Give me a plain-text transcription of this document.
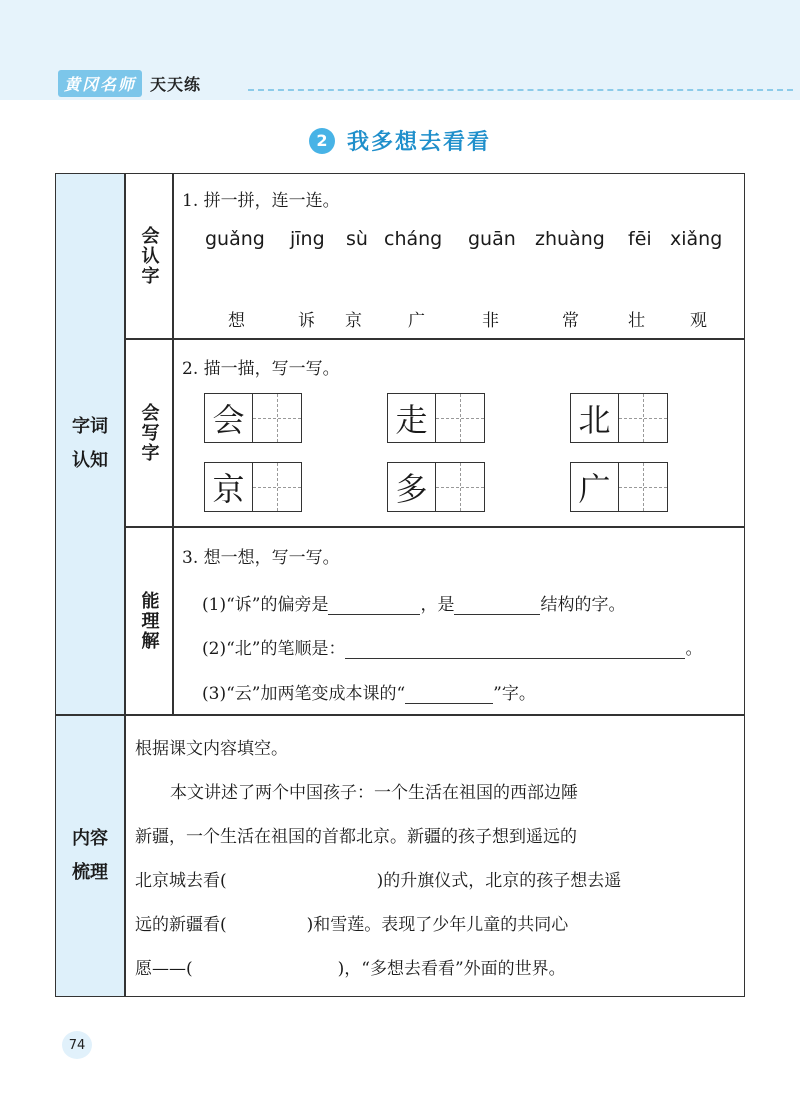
黄冈名师 天天练
2 我多想去看看
字词
认知
内容
梳理
会认字
会写字
能理解
1. 拼一拼，连一连。
guǎng jīng sù cháng guān zhuàng fēi xiǎng
想	诉 京	广	非	常	壮	观
2. 描一描，写一写。
会	走	北
京	多	广
3. 想一想，写一写。
(1)“诉”的偏旁是	，是	结构的字。
(2)“北”的笔顺是：	。
(3)“云”加两笔变成本课的“	”字。
根据课文内容填空。
本文讲述了两个中国孩子：一个生活在祖国的西部边陲
新疆，一个生活在祖国的首都北京。新疆的孩子想到遥远的
北京城去看(	)的升旗仪式，北京的孩子想去遥
远的新疆看(	)和雪莲。表现了少年儿童的共同心
愿——(	)，“多想去看看”外面的世界。
74
